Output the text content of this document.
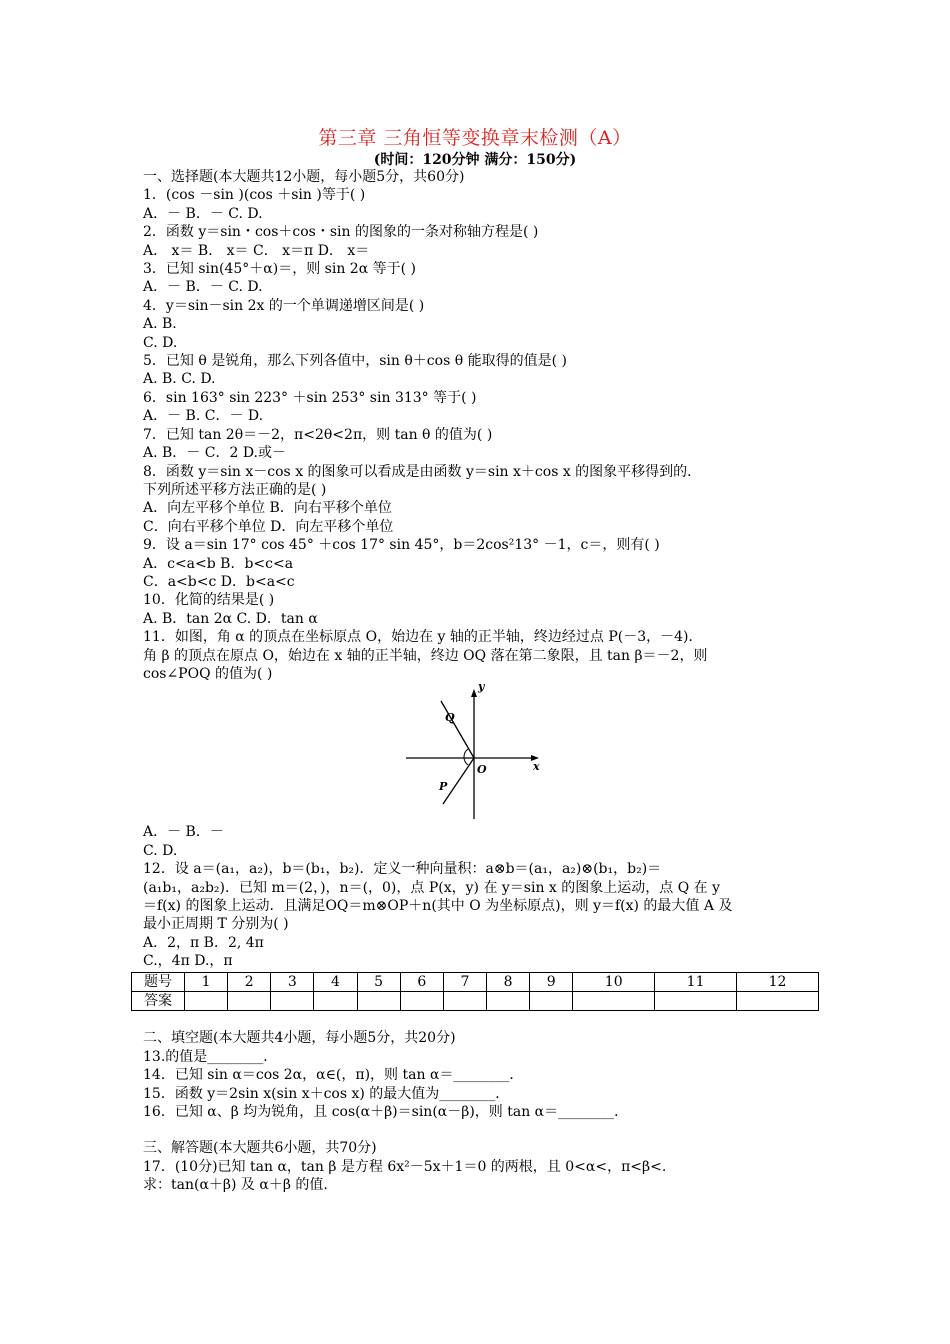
第三章 三角恒等变换章末检测（A）
(时间：120分钟 满分：150分)
一、选择题(本大题共12小题，每小题5分，共60分)
1．(cos －sin )(cos ＋sin )等于( )
A．－ B．－ C. D.
2．函数 y＝sin・cos＋cos・sin 的图象的一条对称轴方程是( )
A． x＝ B． x＝ C． x＝π D． x＝
3．已知 sin(45°＋α)＝，则 sin 2α 等于( )
A．－ B．－ C. D.
4．y＝sin－sin 2x 的一个单调递增区间是( )
A. B.
C. D.
5．已知 θ 是锐角，那么下列各值中，sin θ＋cos θ 能取得的值是( )
A. B. C. D.
6．sin 163° sin 223° ＋sin 253° sin 313° 等于( )
A．－ B. C．－ D.
7．已知 tan 2θ＝－2，π<2θ<2π，则 tan θ 的值为( )
A. B．－ C．2 D.或－
8．函数 y＝sin x－cos x 的图象可以看成是由函数 y＝sin x＋cos x 的图象平移得到的．
下列所述平移方法正确的是( )
A．向左平移个单位 B．向右平移个单位
C．向右平移个单位 D．向左平移个单位
9．设 a＝sin 17° cos 45° ＋cos 17° sin 45°，b＝2cos²13° －1，c＝，则有( )
A．c<a<b B．b<c<a
C．a<b<c D．b<a<c
10．化简的结果是( )
A. B．tan 2α C. D．tan α
11．如图，角 α 的顶点在坐标原点 O，始边在 y 轴的正半轴，终边经过点 P(－3，－4)．
角 β 的顶点在原点 O，始边在 x 轴的正半轴，终边 OQ 落在第二象限，且 tan β＝－2，则
cos∠POQ 的值为( )
y
x
O
Q
P
A．－ B．－
C. D.
12．设 a＝(a₁，a₂)，b＝(b₁，b₂)．定义一种向量积：a⊗b＝(a₁，a₂)⊗(b₁，b₂)＝
(a₁b₁，a₂b₂)．已知 m＝(2，)，n＝(，0)，点 P(x，y) 在 y＝sin x 的图象上运动，点 Q 在 y
＝f(x) 的图象上运动．且满足OQ＝m⊗OP＋n(其中 O 为坐标原点)，则 y＝f(x) 的最大值 A 及
最小正周期 T 分别为( )
A．2，π B．2, 4π
C.，4π D.，π
题号	1	2	3	4	5	6	7	8	9	10	11	12
答案												
二、填空题(本大题共4小题，每小题5分，共20分)
13.的值是________．
14．已知 sin α＝cos 2α，α∈(，π)，则 tan α＝________．
15．函数 y＝2sin x(sin x＋cos x) 的最大值为________．
16．已知 α、β 均为锐角，且 cos(α＋β)＝sin(α－β)，则 tan α＝________．
三、解答题(本大题共6小题，共70分)
17．(10分)已知 tan α，tan β 是方程 6x²－5x＋1＝0 的两根，且 0<α<，π<β<.
求：tan(α＋β) 及 α＋β 的值.
